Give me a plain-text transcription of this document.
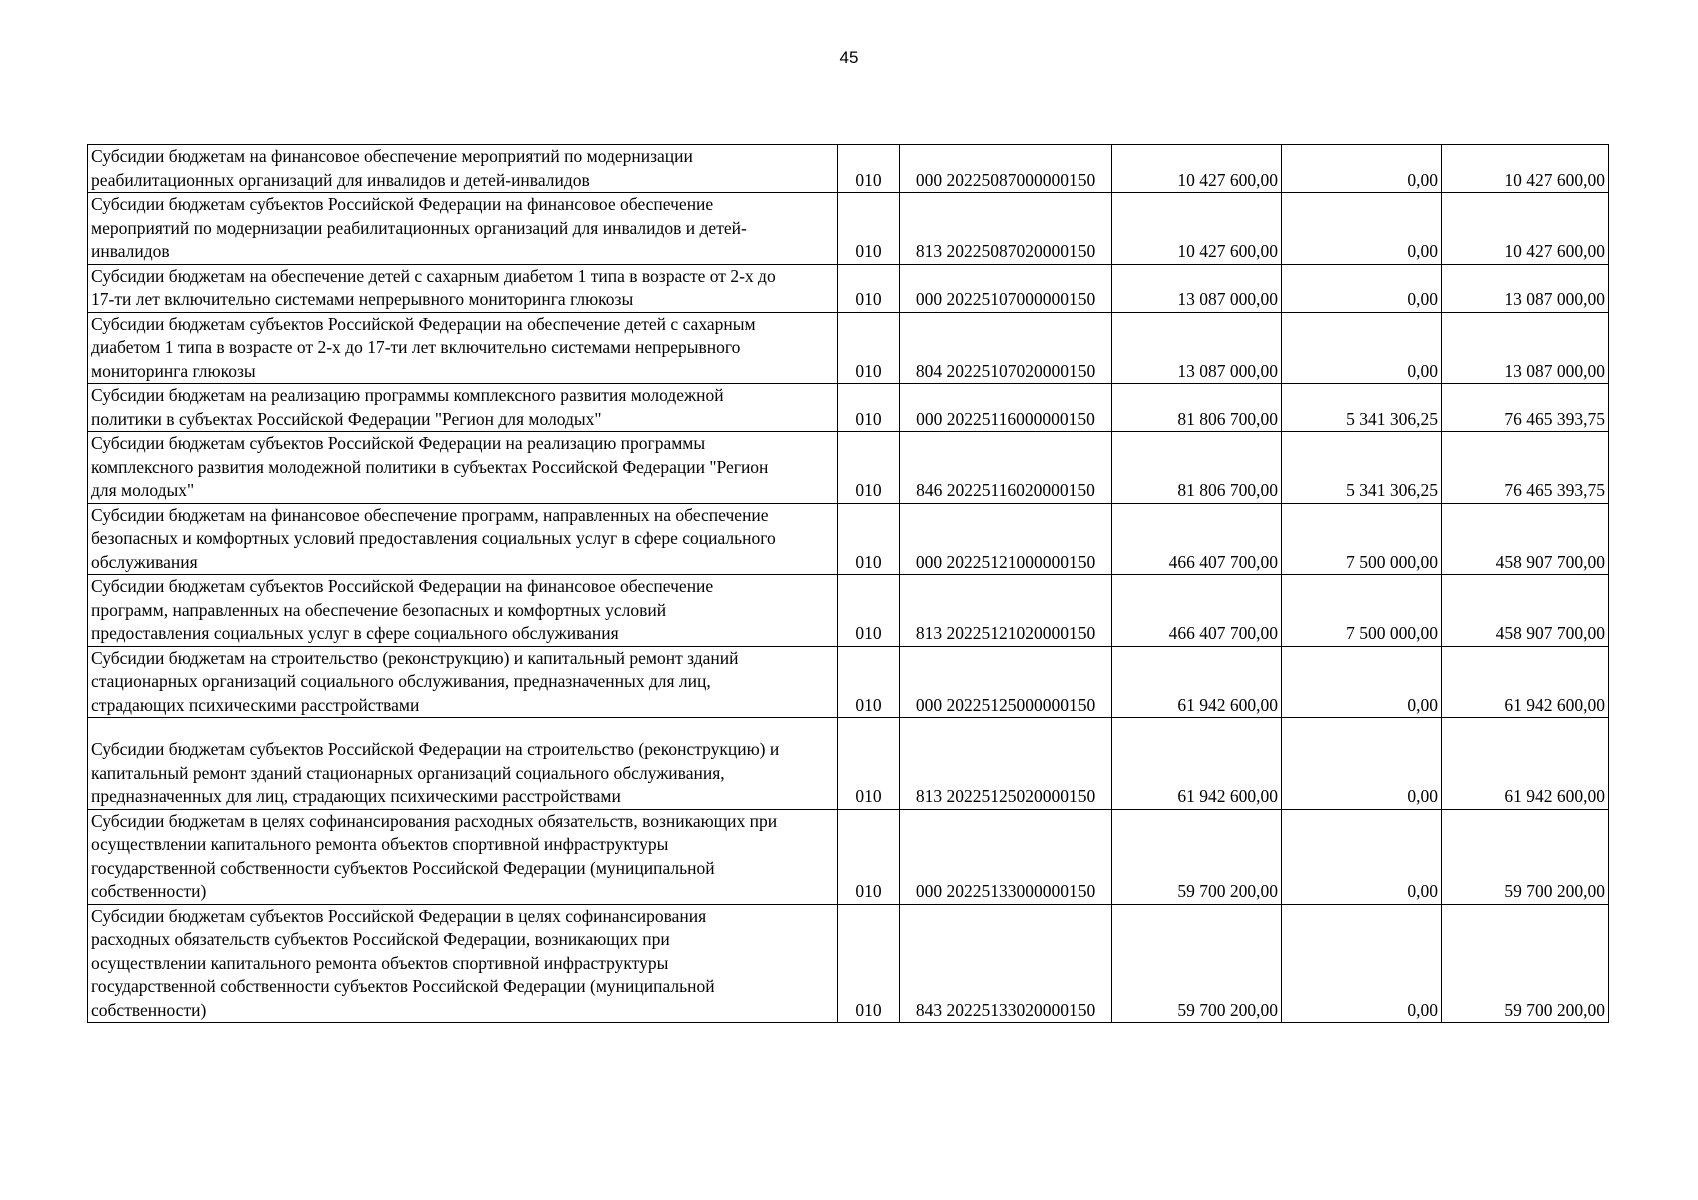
45
Субсидии бюджетам на финансовое обеспечение мероприятий по модернизации
реабилитационных организаций для инвалидов и детей-инвалидов	010	000 20225087000000150	10 427 600,00	0,00	10 427 600,00
Субсидии бюджетам субъектов Российской Федерации на финансовое обеспечение
мероприятий по модернизации реабилитационных организаций для инвалидов и детей-
инвалидов	010	813 20225087020000150	10 427 600,00	0,00	10 427 600,00
Субсидии бюджетам на обеспечение детей с сахарным диабетом 1 типа в возрасте от 2-х до
17-ти лет включительно системами непрерывного мониторинга глюкозы	010	000 20225107000000150	13 087 000,00	0,00	13 087 000,00
Субсидии бюджетам субъектов Российской Федерации на обеспечение детей с сахарным
диабетом 1 типа в возрасте от 2-х до 17-ти лет включительно системами непрерывного
мониторинга глюкозы	010	804 20225107020000150	13 087 000,00	0,00	13 087 000,00
Субсидии бюджетам на реализацию программы комплексного развития молодежной
политики в субъектах Российской Федерации "Регион для молодых"	010	000 20225116000000150	81 806 700,00	5 341 306,25	76 465 393,75
Субсидии бюджетам субъектов Российской Федерации на реализацию программы
комплексного развития молодежной политики в субъектах Российской Федерации "Регион
для молодых"	010	846 20225116020000150	81 806 700,00	5 341 306,25	76 465 393,75
Субсидии бюджетам на финансовое обеспечение программ, направленных на обеспечение
безопасных и комфортных условий предоставления социальных услуг в сфере социального
обслуживания	010	000 20225121000000150	466 407 700,00	7 500 000,00	458 907 700,00
Субсидии бюджетам субъектов Российской Федерации на финансовое обеспечение
программ, направленных на обеспечение безопасных и комфортных условий
предоставления социальных услуг в сфере социального обслуживания	010	813 20225121020000150	466 407 700,00	7 500 000,00	458 907 700,00
Субсидии бюджетам на строительство (реконструкцию) и капитальный ремонт зданий
стационарных организаций социального обслуживания, предназначенных для лиц,
страдающих психическими расстройствами	010	000 20225125000000150	61 942 600,00	0,00	61 942 600,00
Субсидии бюджетам субъектов Российской Федерации на строительство (реконструкцию) и
капитальный ремонт зданий стационарных организаций социального обслуживания,
предназначенных для лиц, страдающих психическими расстройствами	010	813 20225125020000150	61 942 600,00	0,00	61 942 600,00
Субсидии бюджетам в целях софинансирования расходных обязательств, возникающих при
осуществлении капитального ремонта объектов спортивной инфраструктуры
государственной собственности субъектов Российской Федерации (муниципальной
собственности)	010	000 20225133000000150	59 700 200,00	0,00	59 700 200,00
Субсидии бюджетам субъектов Российской Федерации в целях софинансирования
расходных обязательств субъектов Российской Федерации, возникающих при
осуществлении капитального ремонта объектов спортивной инфраструктуры
государственной собственности субъектов Российской Федерации (муниципальной
собственности)	010	843 20225133020000150	59 700 200,00	0,00	59 700 200,00
